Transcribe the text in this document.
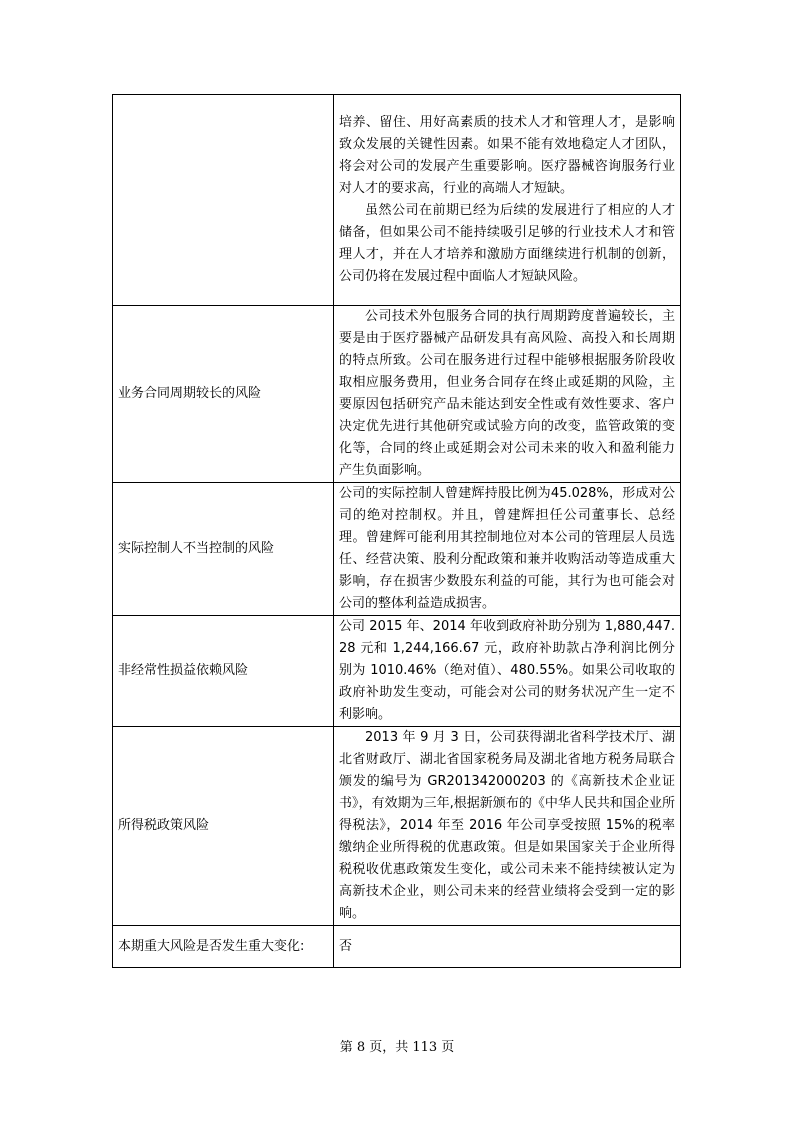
	培养、留住、用好高素质的技术人才和管理人才，是影响致众发展的关键性因素。如果不能有效地稳定人才团队，将会对公司的发展产生重要影响。医疗器械咨询服务行业对人才的要求高，行业的高端人才短缺。

虽然公司在前期已经为后续的发展进行了相应的人才储备，但如果公司不能持续吸引足够的行业技术人才和管理人才，并在人才培养和激励方面继续进行机制的创新，公司仍将在发展过程中面临人才短缺风险。

业务合同周期较长的风险	公司技术外包服务合同的执行周期跨度普遍较长，主要是由于医疗器械产品研发具有高风险、高投入和长周期的特点所致。公司在服务进行过程中能够根据服务阶段收取相应服务费用，但业务合同存在终止或延期的风险，主要原因包括研究产品未能达到安全性或有效性要求、客户决定优先进行其他研究或试验方向的改变，监管政策的变化等，合同的终止或延期会对公司未来的收入和盈利能力产生负面影响。

实际控制人不当控制的风险	公司的实际控制人曾建辉持股比例为45.028%，形成对公司的绝对控制权。并且，曾建辉担任公司董事长、总经理。曾建辉可能利用其控制地位对本公司的管理层人员选任、经营决策、股利分配政策和兼并收购活动等造成重大影响，存在损害少数股东利益的可能，其行为也可能会对公司的整体利益造成损害。

非经常性损益依赖风险	公司 2015 年、2014 年收到政府补助分别为 1,880,447.28 元和 1,244,166.67 元，政府补助款占净利润比例分别为 1010.46%（绝对值）、480.55%。如果公司收取的政府补助发生变动，可能会对公司的财务状况产生一定不利影响。

所得税政策风险	2013 年 9 月 3 日，公司获得湖北省科学技术厅、湖北省财政厅、湖北省国家税务局及湖北省地方税务局联合颁发的编号为 GR201342000203 的《高新技术企业证书》，有效期为三年,根据新颁布的《中华人民共和国企业所得税法》，2014 年至 2016 年公司享受按照 15%的税率缴纳企业所得税的优惠政策。但是如果国家关于企业所得税税收优惠政策发生变化，或公司未来不能持续被认定为高新技术企业，则公司未来的经营业绩将会受到一定的影响。

本期重大风险是否发生重大变化:	否
第 8 页，共 113 页
